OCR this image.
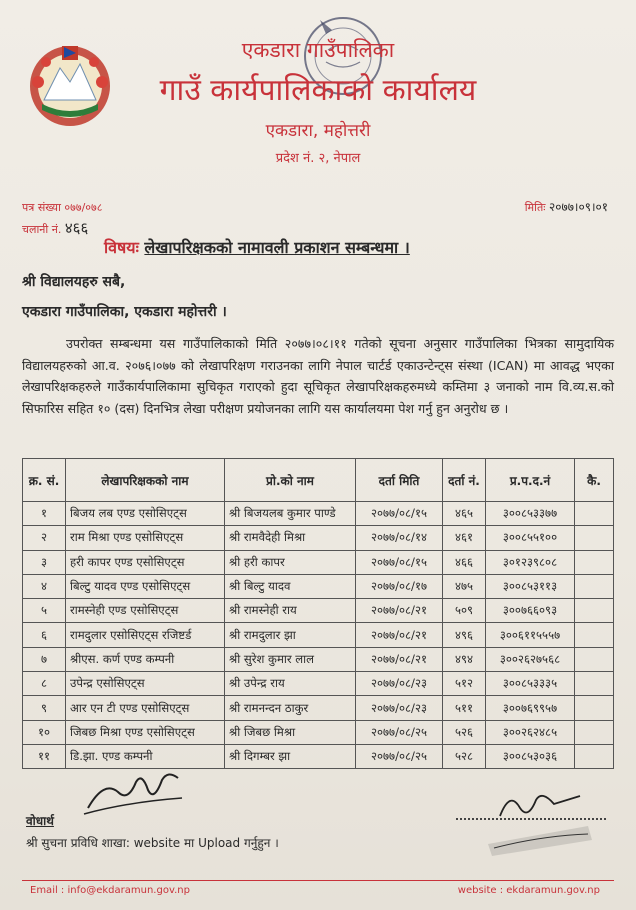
एकडारा गाउँपालिका
गाउँ कार्यपालिकाको कार्यालय
एकडारा, महोत्तरी
प्रदेश नं. २, नेपाल
पत्र संख्या ०७७/०७८
चलानी नं. ४६६
मितिः २०७७।०९।०१
विषयः लेखापरिक्षकको नामावली प्रकाशन सम्बन्धमा ।
श्री विद्यालयहरु सबै,
एकडारा गाउँपालिका, एकडारा महोत्तरी ।
उपरोक्त सम्बन्धमा यस गाउँपालिकाको मिति २०७७।०८।११ गतेको सूचना अनुसार गाउँपालिका भित्रका सामुदायिक विद्यालयहरुको आ.व. २०७६।०७७ को लेखापरिक्षण गराउनका लागि नेपाल चार्टर्ड एकाउन्टेन्ट्स संस्था (ICAN) मा आवद्ध भएका लेखापरिक्षकहरुले गाउँकार्यपालिकामा सुचिकृत गराएको हुदा सूचिकृत लेखापरिक्षकहरुमध्ये कम्तिमा ३ जनाको नाम वि.व्य.स.को सिफारिस सहित १० (दस) दिनभित्र लेखा परीक्षण प्रयोजनका लागि यस कार्यालयमा पेश गर्नु हुन अनुरोध छ ।
क्र. सं.	लेखापरिक्षकको नाम	प्रो.को नाम	दर्ता मिति	दर्ता नं.	प्र.प.द.नं	कै.
१	बिजय लब एण्ड एसोसिएट्स	श्री बिजयलब कुमार पाण्डे	२०७७/०८/१५	४६५	३००८५३३७७	
२	राम मिश्रा एण्ड एसोसिएट्स	श्री रामवैदेही मिश्रा	२०७७/०८/१४	४६१	३००८५५१००	
३	हरी कापर एण्ड एसोसिएट्स	श्री हरी कापर	२०७७/०८/१५	४६६	३०१२३९८०८	
४	बिल्टु यादव एण्ड एसोसिएट्स	श्री बिल्टु यादव	२०७७/०८/१७	४७५	३००८५३११३	
५	रामस्नेही एण्ड एसोसिएट्स	श्री रामस्नेही राय	२०७७/०८/२१	५०९	३००७६६०९३	
६	रामदुलार एसोसिएट्स रजिष्टर्ड	श्री रामदुलार झा	२०७७/०८/२१	४९६	३००६११५५५७	
७	श्रीएस. कर्ण एण्ड कम्पनी	श्री सुरेश कुमार लाल	२०७७/०८/२१	४९४	३००२६२७५६८	
८	उपेन्द्र एसोसिएट्स	श्री उपेन्द्र राय	२०७७/०८/२३	५१२	३००८५३३३५	
९	आर एन टी एण्ड एसोसिएट्स	श्री रामनन्दन ठाकुर	२०७७/०८/२३	५११	३००७६९९५७	
१०	जिबछ मिश्रा एण्ड एसोसिएट्स	श्री जिबछ मिश्रा	२०७७/०८/२५	५२६	३००२६२४८५	
११	डि.झा. एण्ड कम्पनी	श्री दिगम्बर झा	२०७७/०८/२५	५२८	३००८५३०३६	
वोधार्थ
श्री सुचना प्रविधि शाखा: website मा Upload गर्नुहुन ।
Email : info@ekdaramun.gov.np	website : ekdaramun.gov.np
